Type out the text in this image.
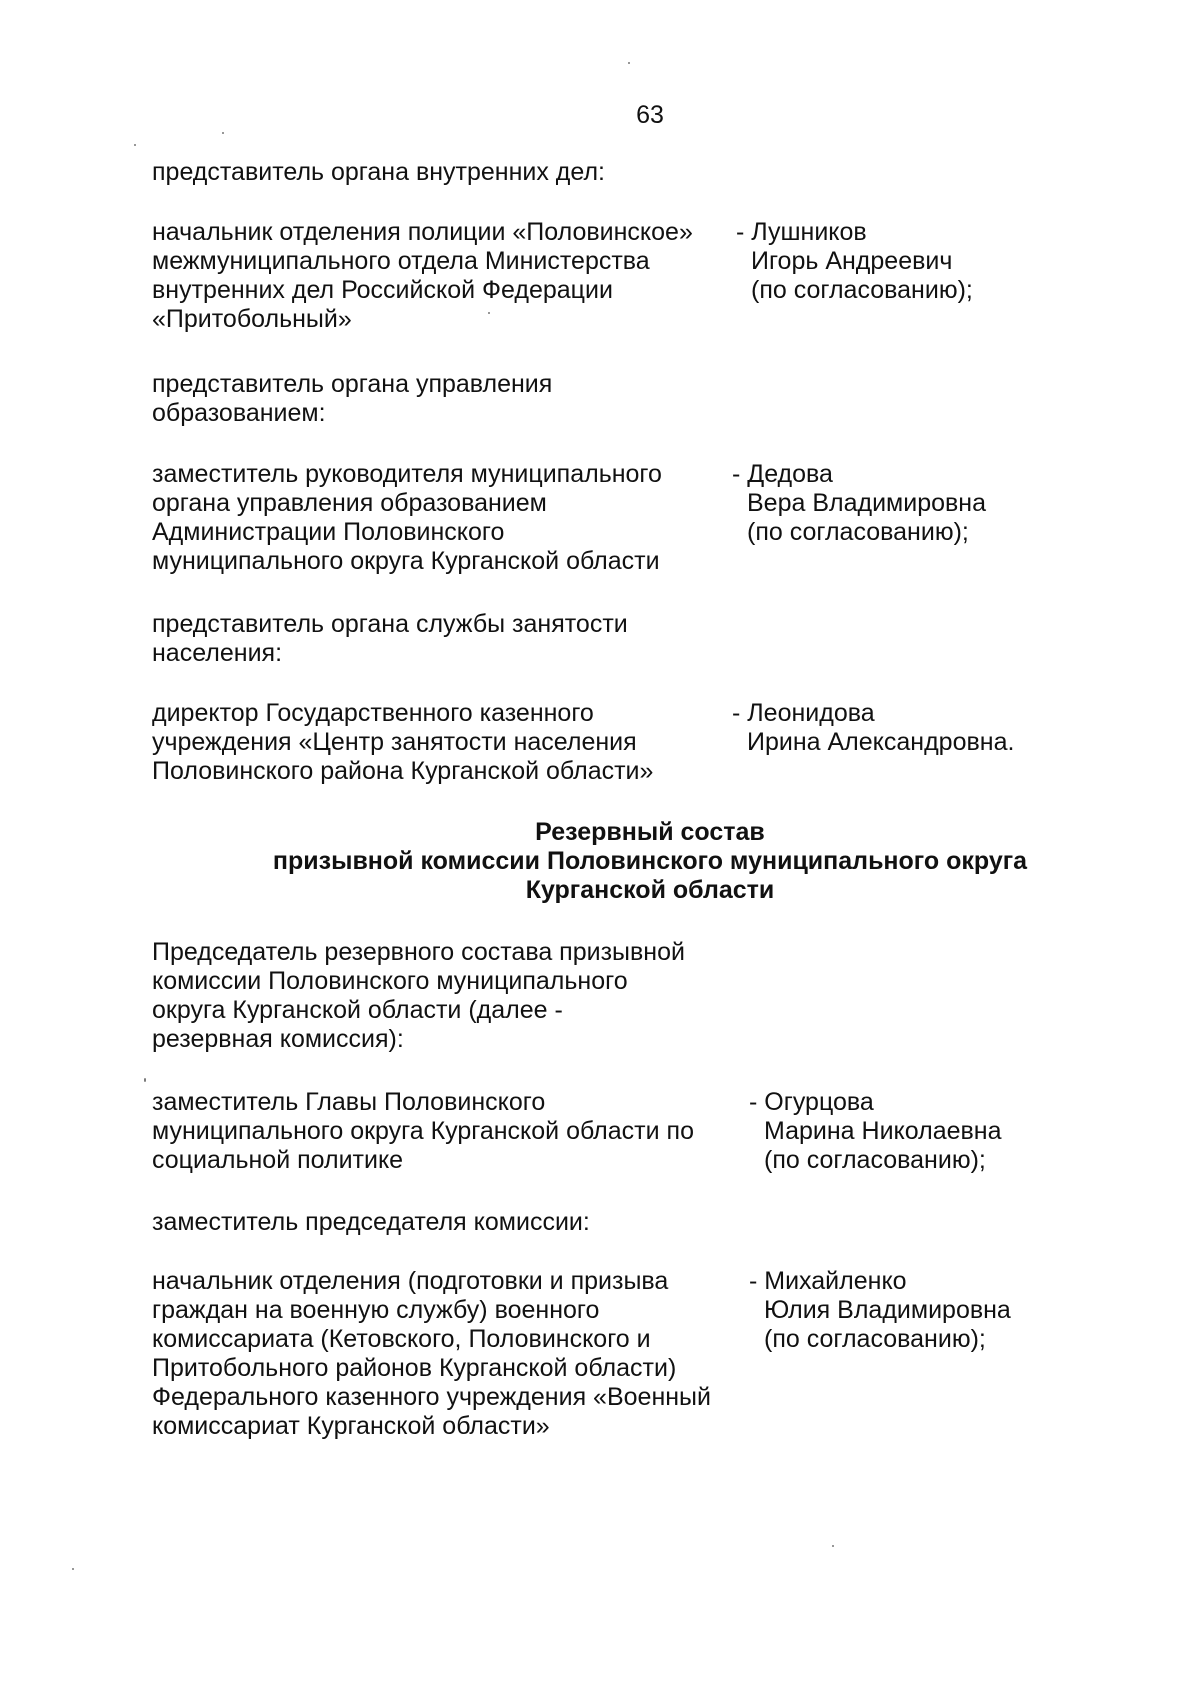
63
представитель органа внутренних дел:
начальник отделения полиции «Половинское»
межмуниципального отдела Министерства
внутренних дел Российской Федерации
«Притобольный»
- Лушников
Игорь Андреевич
(по согласованию);
представитель органа управления
образованием:
заместитель руководителя муниципального
органа управления образованием
Администрации Половинского
муниципального округа Курганской области
- Дедова
Вера Владимировна
(по согласованию);
представитель органа службы занятости
населения:
директор Государственного казенного
учреждения «Центр занятости населения
Половинского района Курганской области»
- Леонидова
Ирина Александровна.
Резервный состав
призывной комиссии Половинского муниципального округа
Курганской области
Председатель резервного состава призывной
комиссии Половинского муниципального
округа Курганской области (далее -
резервная комиссия):
заместитель Главы Половинского
муниципального округа Курганской области по
социальной политике
- Огурцова
Марина Николаевна
(по согласованию);
заместитель председателя комиссии:
начальник отделения (подготовки и призыва
граждан на военную службу) военного
комиссариата (Кетовского, Половинского и
Притобольного районов Курганской области)
Федерального казенного учреждения «Военный
комиссариат Курганской области»
- Михайленко
Юлия Владимировна
(по согласованию);
